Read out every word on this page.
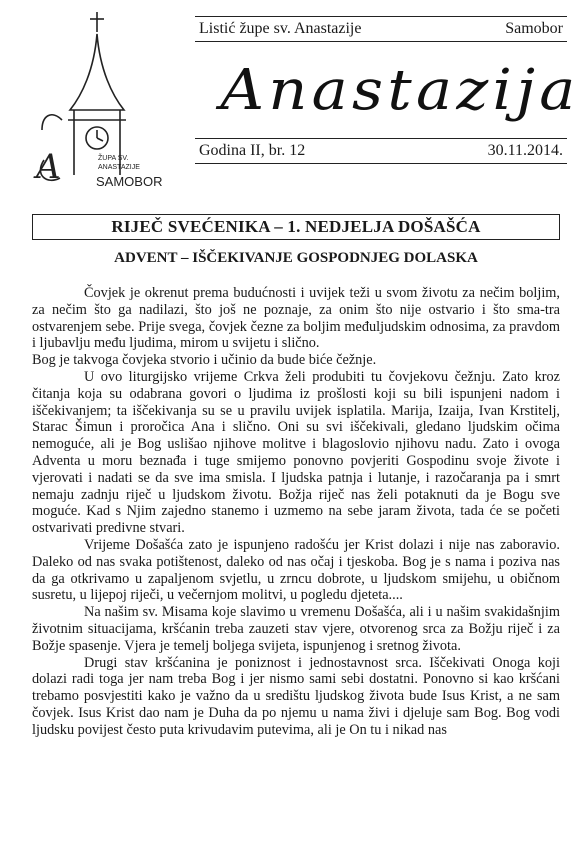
A	ŽUPA SV.
ANASTAZIJE
SAMOBOR
Listić župe sv. Anastazije	Samobor
Anastazija
Godina II, br. 12	30.11.2014.
RIJEČ SVEĆENIKA – 1. NEDJELJA DOŠAŠĆA
ADVENT – IŠČEKIVANJE GOSPODNJEG DOLASKA

Čovjek je okrenut prema budućnosti i uvijek teži u svom životu za nečim boljim, za nečim što ga nadilazi, što još ne poznaje, za onim što nije ostvario i što sma-tra ostvarenjem sebe. Prije svega, čovjek čezne za boljim međuljudskim odnosima, za pravdom i ljubavlju među ljudima, mirom u svijetu i slično.

Bog je takvoga čovjeka stvorio i učinio da bude biće čežnje.

U ovo liturgijsko vrijeme Crkva želi produbiti tu čovjekovu čežnju. Zato kroz čitanja koja su odabrana govori o ljudima iz prošlosti koji su bili ispunjeni nadom i iščekivanjem; ta iščekivanja su se u pravilu uvijek isplatila. Marija, Izaija, Ivan Krstitelj, Starac Šimun i proročica Ana i slično. Oni su svi iščekivali, gledano ljudskim očima nemoguće, ali je Bog uslišao njihove molitve i blagoslovio njihovu nadu. Zato i ovoga Adventa u moru beznađa i tuge smijemo ponovno povjeriti Gospodinu svoje živote i vjerovati i nadati se da sve ima smisla. I ljudska patnja i lutanje, i razočaranja pa i smrt nemaju zadnju riječ u ljudskom životu. Božja riječ nas želi potaknuti da je Bogu sve moguće. Kad s Njim zajedno stanemo i uzmemo na sebe jaram života, tada će se početi ostvarivati predivne stvari.

Vrijeme Došašća zato je ispunjeno radošću jer Krist dolazi i nije nas zaboravio. Daleko od nas svaka potištenost, daleko od nas očaj i tjeskoba. Bog je s nama i poziva nas da ga otkrivamo u zapaljenom svjetlu, u zrncu dobrote, u ljudskom smijehu, u običnom susretu, u lijepoj riječi, u večernjom molitvi, u pogledu djeteta....

Na našim sv. Misama koje slavimo u vremenu Došašća, ali i u našim svakidašnjim životnim situacijama, kršćanin treba zauzeti stav vjere, otvorenog srca za Božju riječ i za Božje spasenje. Vjera je temelj boljega svijeta, ispunjenog i sretnog života.

Drugi stav kršćanina je poniznost i jednostavnost srca. Iščekivati Onoga koji dolazi radi toga jer nam treba Bog i jer nismo sami sebi dostatni. Ponovno si kao kršćani trebamo posvjestiti kako je važno da u središtu ljudskog života bude Isus Krist, a ne sam čovjek. Isus Krist dao nam je Duha da po njemu u nama živi i djeluje sam Bog. Bog vodi ljudsku povijest često puta krivudavim putevima, ali je On tu i nikad nas
